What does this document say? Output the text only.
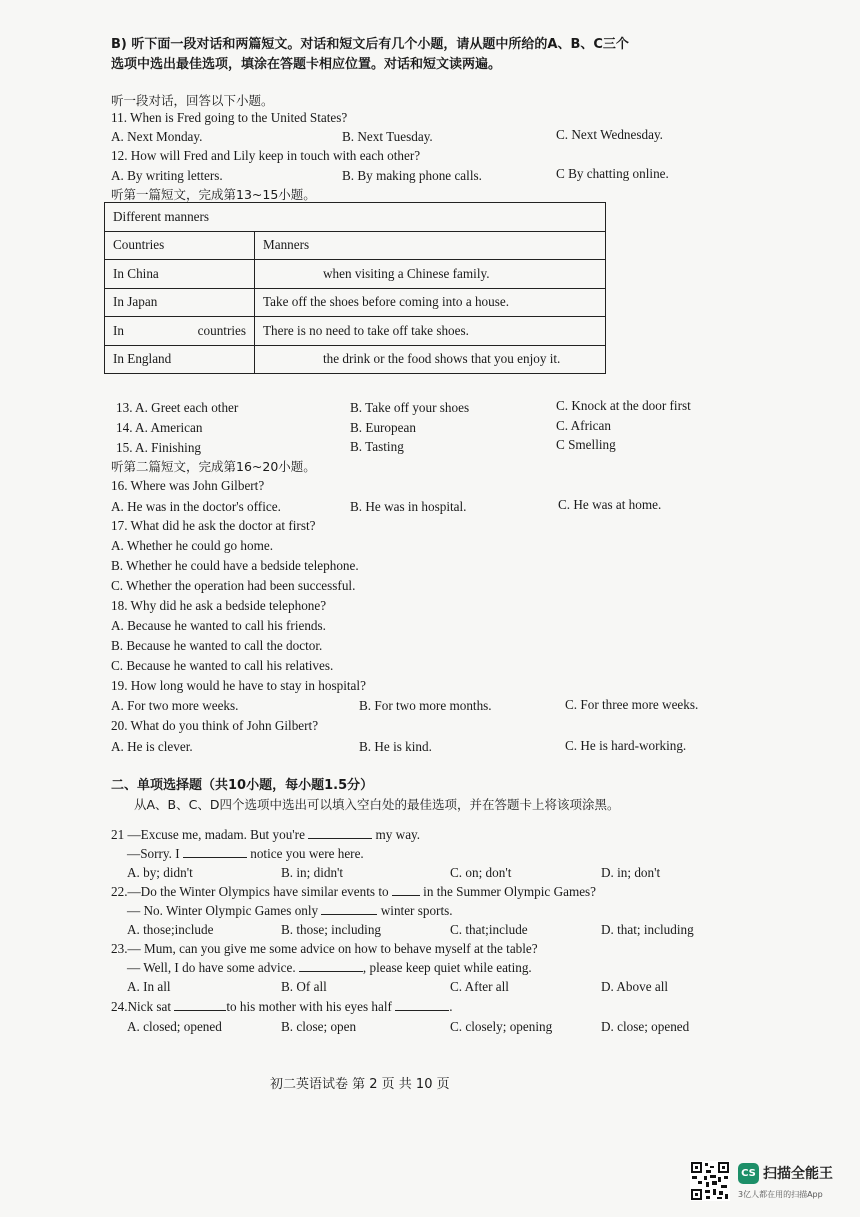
B) 听下面一段对话和两篇短文。对话和短文后有几个小题，请从题中所给的A、B、C三个
选项中选出最佳选项，填涂在答题卡相应位置。对话和短文读两遍。
听一段对话，回答以下小题。
11. When is Fred going to the United States?
A. Next Monday.	B. Next Tuesday.	C. Next Wednesday.
12. How will Fred and Lily keep in touch with each other?
A. By writing letters.	B. By making phone calls.	C By chatting online.
听第一篇短文，完成第13~15小题。
Different manners	
Countries	Manners
In China	when visiting a Chinese family.
In Japan	Take off the shoes before coming into a house.
In countries	There is no need to take off take shoes.
In England	the drink or the food shows that you enjoy it.
13. A. Greet each other	B. Take off your shoes	C. Knock at the door first
14. A. American	B. European	C. African
15. A. Finishing	B. Tasting	C Smelling
听第二篇短文，完成第16~20小题。
16. Where was John Gilbert?
A. He was in the doctor's office.	B. He was in hospital.	C. He was at home.
17. What did he ask the doctor at first?
A. Whether he could go home.
B. Whether he could have a bedside telephone.
C. Whether the operation had been successful.
18. Why did he ask a bedside telephone?
A. Because he wanted to call his friends.
B. Because he wanted to call the doctor.
C. Because he wanted to call his relatives.
19. How long would he have to stay in hospital?
A. For two more weeks.	B. For two more months.	C. For three more weeks.
20. What do you think of John Gilbert?
A. He is clever.	B. He is kind.	C. He is hard-working.
二、单项选择题（共10小题，每小题1.5分）
从A、B、C、D四个选项中选出可以填入空白处的最佳选项，并在答题卡上将该项涂黑。
21 —Excuse me, madam. But you're	my way.
—Sorry. I	notice you were here.
A. by; didn't	B. in; didn't	C. on; don't	D. in; don't
22.—Do the Winter Olympics have similar events to	in the Summer Olympic Games?
— No. Winter Olympic Games only	winter sports.
A. those;include	B. those; including	C. that;include	D. that; including
23.— Mum, can you give me some advice on how to behave myself at the table?
— Well, I do have some advice.	, please keep quiet while eating.
A. In all	B. Of all	C. After all	D. Above all
24.Nick sat	to his mother with his eyes half	.
A. closed; opened	B. close; open	C. closely; opening	D. close; opened
初二英语试卷 第 2 页 共 10 页
CS 扫描全能王
3亿人都在用的扫描App
